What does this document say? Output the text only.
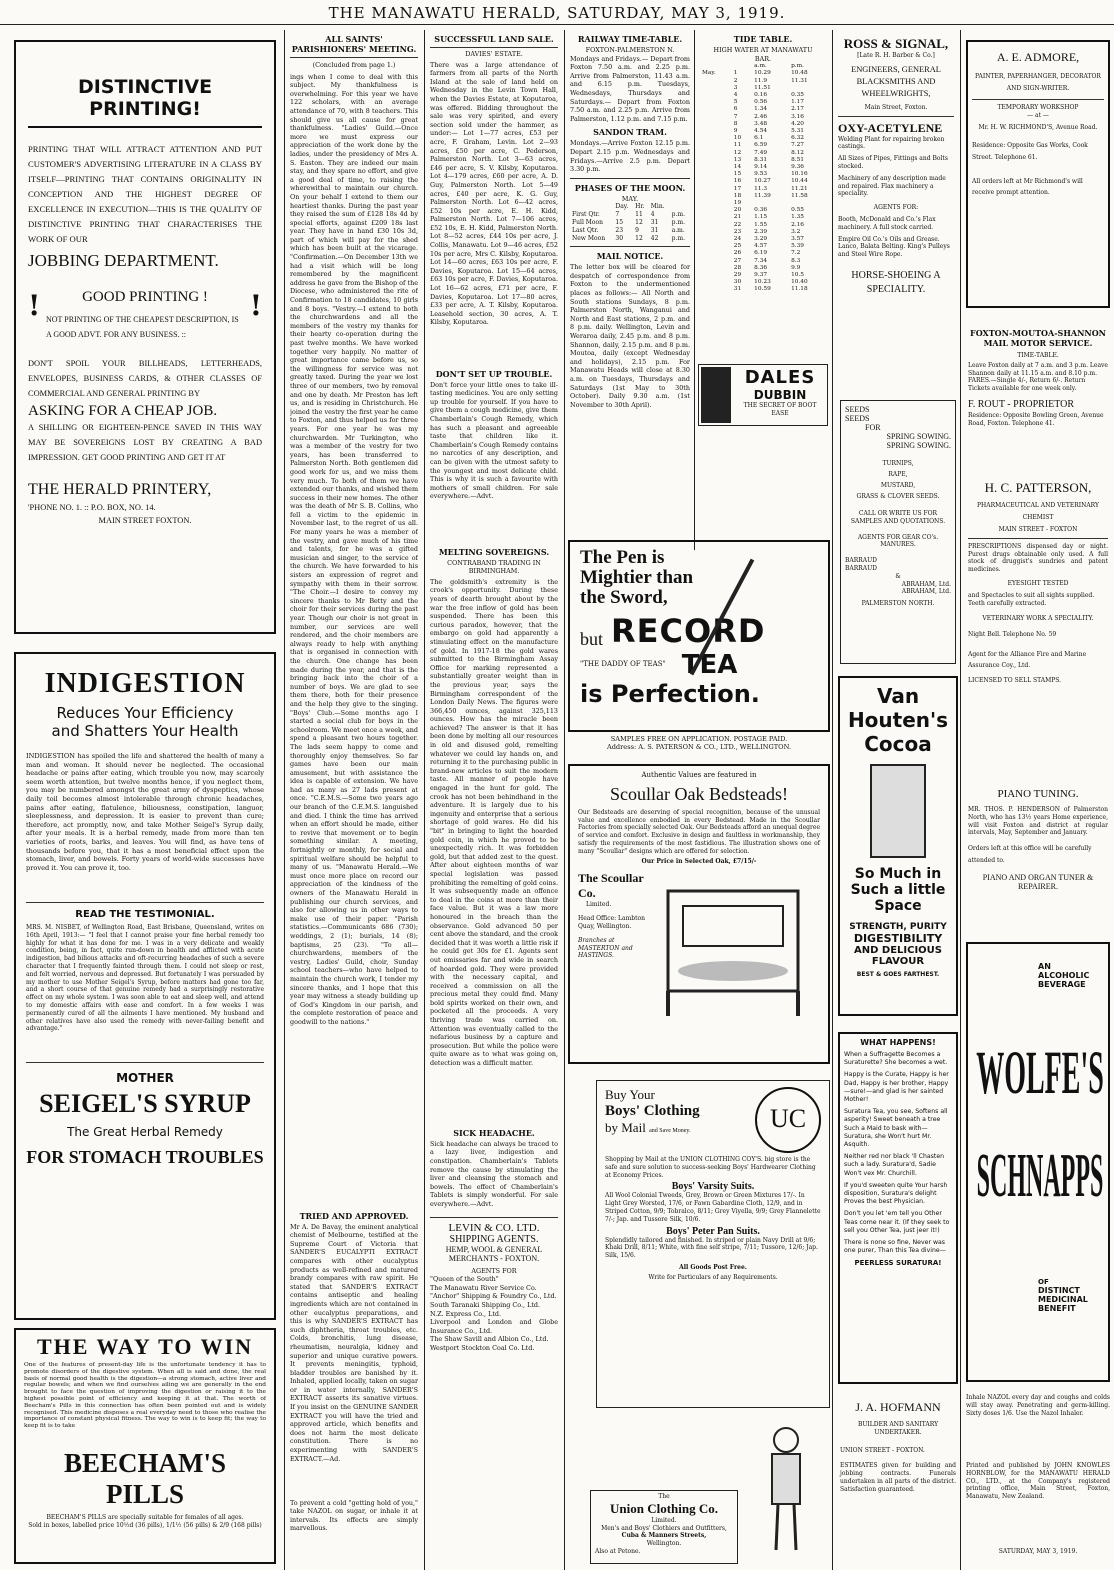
THE MANAWATU HERALD, SATURDAY, MAY 3, 1919.
DISTINCTIVE PRINTING!
PRINTING THAT WILL ATTRACT ATTENTION AND PUT CUSTOMER'S ADVERTISING LITERATURE IN A CLASS BY ITSELF—PRINTING THAT CONTAINS ORIGINALITY IN CONCEPTION AND THE HIGHEST DEGREE OF EXCELLENCE IN EXECUTION—THIS IS THE QUALITY OF DISTINCTIVE PRINTING THAT CHARACTERISES THE WORK OF OUR
JOBBING DEPARTMENT.
!	GOOD PRINTING !
NOT PRINTING OF THE CHEAPEST DESCRIPTION, IS A GOOD ADVT. FOR ANY BUSINESS. ::
!
DON'T SPOIL YOUR BILLHEADS, LETTERHEADS, ENVELOPES, BUSINESS CARDS, & OTHER CLASSES OF COMMERCIAL AND GENERAL PRINTING BY
ASKING FOR A CHEAP JOB.
A SHILLING OR EIGHTEEN-PENCE SAVED IN THIS WAY MAY BE SOVEREIGNS LOST BY CREATING A BAD IMPRESSION. GET GOOD PRINTING AND GET IT AT
THE HERALD PRINTERY,
'PHONE NO. 1. :: P.O. BOX, NO. 14.
MAIN STREET FOXTON.
INDIGESTION
Reduces Your Efficiency
and Shatters Your Health
INDIGESTION has spoiled the life and shattered the health of many a man and woman. It should never be neglected. The occasional headache or pains after eating, which trouble you now, may scarcely seem worth attention, but twelve months hence, if you neglect them, you may be numbered amongst the great army of dyspeptics, whose daily toil becomes almost intolerable through chronic headaches, pains after eating, flatulence, biliousness, constipation, languor, sleeplessness, and depression. It is easier to prevent than cure; therefore, act promptly, now, and take Mother Seigel's Syrup daily, after your meals. It is a herbal remedy, made from more than ten varieties of roots, barks, and leaves. You will find, as have tens of thousands before you, that it has a most beneficial effect upon the stomach, liver, and bowels. Forty years of world-wide successes have proved it. You can prove it, too.
READ THE TESTIMONIAL.
MRS. M. NISBET, of Wellington Road, East Brisbane, Queensland, writes on 16th April, 1913:— "I feel that I cannot praise your fine herbal remedy too highly for what it has done for me. I was in a very delicate and weakly condition, being, in fact, quite run-down in health and afflicted with acute indigestion, bad bilious attacks and oft-recurring headaches of such a severe character that I frequently fainted through them. I could not sleep or rest, and felt worried, nervous and depressed. But fortunately I was persuaded by my mother to use Mother Seigel's Syrup, before matters had gone too far, and a short course of that genuine remedy had a surprisingly restorative effect on my whole system. I was soon able to eat and sleep well, and attend to my domestic affairs with ease and comfort. In a few weeks I was permanently cured of all the ailments I have mentioned. My husband and other relatives have also used the remedy with never-failing benefit and advantage."
MOTHER
SEIGEL'S SYRUP
The Great Herbal Remedy
FOR STOMACH TROUBLES
THE WAY TO WIN
One of the features of present-day life is the unfortunate tendency it has to promote disorders of the digestive system. When all is said and done, the real basis of normal good health is the digestion—a strong stomach, active liver and regular bowels; and when we find ourselves ailing we are generally in the end brought to face the question of improving the digestion or raising it to the highest possible point of efficiency and keeping it at that. The worth of Beecham's Pills in this connection has often been pointed out and is widely recognised. This medicine disposes a real everyday need to those who realise the importance of constant physical fitness. The way to win is to keep fit; the way to keep fit is to take
BEECHAM'S
PILLS
BEECHAM'S PILLS are specially suitable for females of all ages.
Sold in boxes, labelled price 10½d (36 pills), 1/1½ (56 pills) & 2/9 (168 pills)
ALL SAINTS' PARISHIONERS' MEETING.
(Concluded from page 1.)
ings when I come to deal with this subject. My thankfulness is overwhelming. For this year we have 122 scholars, with an average attendance of 70, with 8 teachers. This should give us all cause for great thankfulness. "Ladies' Guild.—Once more we must express our appreciation of the work done by the ladies, under the presidency of Mrs A. S. Easton. They are indeed our main stay, and they spare no effort, and give a good deal of time, to raising the wherewithal to maintain our church. On your behalf I extend to them our heartiest thanks. During the past year they raised the sum of £128 18s 4d by special efforts, against £209 18s last year. They have in hand £30 10s 3d, part of which will pay for the shed which has been built at the vicarage. "Confirmation.—On December 13th we had a visit which will be long remembered by the magnificent address he gave from the Bishop of the Diocese, who administered the rite of Confirmation to 18 candidates, 10 girls and 8 boys. "Vestry.—I extend to both the churchwardens and all the members of the vestry my thanks for their hearty co-operation during the past twelve months. We have worked together very happily. No matter of great importance came before us, so the willingness for service was not greatly taxed. During the year we lost three of our members, two by removal and one by death. Mr Preston has left us, and is residing in Christchurch. He joined the vestry the first year he came to Foxton, and thus helped us for three years. For one year he was my churchwarden. Mr Turkington, who was a member of the vestry for two years, has been transferred to Palmerston North. Both gentlemen did good work for us, and we miss them very much. To both of them we have extended our thanks, and wished them success in their new homes. The other was the death of Mr S. B. Collins, who fell a victim to the epidemic in November last, to the regret of us all. For many years he was a member of the vestry, and gave much of his time and talents, for he was a gifted musician and singer, to the service of the church. We have forwarded to his sisters an expression of regret and sympathy with them in their sorrow. "The Choir.—I desire to convey my sincere thanks to Mr Betty and the choir for their services during the past year. Though our choir is not great in number, our services are well rendered, and the choir members are always ready to help with anything that is organised in connection with the church. One change has been made during the year, and that is the bringing back into the choir of a number of boys. We are glad to see them there, both for their presence and the help they give to the singing. "Boys' Club.—Some months ago I started a social club for boys in the schoolroom. We meet once a week, and spend a pleasant two hours together. The lads seem happy to come and thoroughly enjoy themselves. So far games have been our main amusement, but with assistance the idea is capable of extension. We have had as many as 27 lads present at once. "C.E.M.S.—Some two years ago our branch of the C.E.M.S. languished and died. I think the time has arrived when an effort should be made, either to revive that movement or to begin something similar. A meeting, fortnightly or monthly, for social and spiritual welfare should be helpful to many of us. "Manawatu Herald.—We must once more place on record our appreciation of the kindness of the owners of the Manawatu Herald in publishing our church services, and also for allowing us in other ways to make use of their paper. "Parish statistics.—Communicants 686 (730); weddings, 2 (1); burials, 14 (8); baptisms, 25 (23). "To all—churchwardens, members of the vestry, Ladies' Guild, choir, Sunday school teachers—who have helped to maintain the church work, I tender my sincere thanks, and I hope that this year may witness a steady building up of God's Kingdom in our parish, and the complete restoration of peace and goodwill to the nations."
TRIED AND APPROVED.
Mr A. De Bavay, the eminent analytical chemist of Melbourne, testified at the Supreme Court of Victoria that SANDER'S EUCALYPTI EXTRACT compares with other eucalyptus products as well-refined and matured brandy compares with raw spirit. He stated that SANDER'S EXTRACT contains antiseptic and healing ingredients which are not contained in other eucalyptus preparations, and this is why SANDER'S EXTRACT has such diphtheria, throat troubles, etc. Colds, bronchitis, lung disease, rheumatism, neuralgia, kidney and superior and unique curative powers. It prevents meningitis, typhoid, bladder troubles are banished by it. Inhaled, applied locally, taken on sugar or in water internally, SANDER'S EXTRACT asserts its sanative virtues. If you insist on the GENUINE SANDER EXTRACT you will have the tried and approved article, which benefits and does not harm the most delicate constitution. There is no experimenting with SANDER'S EXTRACT.—Ad.
To prevent a cold "getting hold of you," take NAZOL on sugar, or inhale it at intervals. Its effects are simply marvellous.
SUCCESSFUL LAND SALE.
DAVIES' ESTATE.
There was a large attendance of farmers from all parts of the North Island at the sale of land held on Wednesday in the Levin Town Hall, when the Davies Estate, at Koputaroa, was offered. Bidding throughout the sale was very spirited, and every section sold under the hammer, as under:— Lot 1—77 acres, £53 per acre, F. Graham, Levin. Lot 2—93 acres, £50 per acre, C. Pederson, Palmerston North. Lot 3—63 acres, £46 per acre, S. V. Kilsby, Koputaroa. Lot 4—179 acres, £60 per acre, A. D. Guy, Palmerston North. Lot 5—49 acres, £40 per acre, K. G. Guy, Palmerston North. Lot 6—42 acres, £52 10s per acre, E. H. Kidd, Palmerston North. Lot 7—106 acres, £52 10s, E. H. Kidd, Palmerston North. Lot 8—52 acres, £44 10s per acre, J. Collis, Manawatu. Lot 9—46 acres, £52 10s per acre, Mrs C. Kilsby, Koputaroa. Lot 14—60 acres, £63 10s per acre, F. Davies, Koputaroa. Lot 15—64 acres, £63 10s per acre, F. Davies, Koputaroa. Lot 16—62 acres, £71 per acre, F. Davies, Koputaroa. Lot 17—80 acres, £33 per acre, A. T. Kilsby, Koputaroa. Leasehold section, 30 acres, A. T. Kilsby, Koputaroa.
DON'T SET UP TROUBLE.
Don't force your little ones to take ill-tasting medicines. You are only setting up trouble for yourself. If you have to give them a cough medicine, give them Chamberlain's Cough Remedy, which has such a pleasant and agreeable taste that children like it. Chamberlain's Cough Remedy contains no narcotics of any description, and can be given with the utmost safety to the youngest and most delicate child. This is why it is such a favourite with mothers of small children. For sale everywhere.—Advt.
MELTING SOVEREIGNS.
CONTRABAND TRADING IN BIRMINGHAM.
The goldsmith's extremity is the crook's opportunity. During these years of dearth brought about by the war the free inflow of gold has been suspended. There has been this curious paradox, however, that the embargo on gold had apparently a stimulating effect on the manufacture of gold. In 1917-18 the gold wares submitted to the Birmingham Assay Office for marking represented a substantially greater weight than in the previous year, says the Birmingham correspondent of the London Daily News. The figures were 366,450 ounces, against 325,113 ounces. How has the miracle been achieved? The answer is that it has been done by melting all our resources in old and disused gold, remelting whatever we could lay hands on, and returning it to the purchasing public in brand-new articles to suit the modern taste. All manner of people have engaged in the hunt for gold. The crook has not been behindhand in the adventure. It is largely due to his ingenuity and enterprise that a serious shortage of gold wares. He did his "bit" in bringing to light the hoarded gold coin, in which he proved to be unexpectedly rich. It was forbidden gold, but that added zest to the quest. After about eighteen months of war special legislation was passed prohibiting the remelting of gold coins. It was subsequently made an offence to deal in the coins at more than their face value. But it was a law more honoured in the breach than the observance. Gold advanced 50 per cent above the standard, and the crook decided that it was worth a little risk if he could get 30s for £1. Agents sent out emissaries far and wide in search of hoarded gold. They were provided with the necessary capital, and received a commission on all the precious metal they could find. Many bold spirits worked on their own, and pocketed all the proceeds. A very thriving trade was carried on. Attention was eventually called to the nefarious business by a capture and prosecution. But while the police were quite aware as to what was going on, detection was a difficult matter.
SICK HEADACHE.
Sick headache can always be traced to a lazy liver, indigestion and constipation. Chamberlain's Tablets remove the cause by stimulating the liver and cleansing the stomach and bowels. The effect of Chamberlain's Tablets is simply wonderful. For sale everywhere.—Advt.
LEVIN & CO. LTD.
SHIPPING AGENTS.
HEMP, WOOL & GENERAL MERCHANTS - FOXTON.
AGENTS FOR
"Queen of the South"
The Manawatu River Service Co.
"Anchor" Shipping & Foundry Co., Ltd.
South Taranaki Shipping Co., Ltd.
N.Z. Express Co., Ltd.
Liverpool and London and Globe Insurance Co., Ltd.
The Shaw Savill and Albion Co., Ltd.
Westport Stockton Coal Co. Ltd.
RAILWAY TIME-TABLE.
FOXTON-PALMERSTON N.
Mondays and Fridays.— Depart from Foxton 7.50 a.m. and 2.25 p.m. Arrive from Palmerston, 11.43 a.m. and 6.15 p.m. Tuesdays, Wednesdays, Thursdays and Saturdays.— Depart from Foxton 7.50 a.m. and 2.25 p.m. Arrive from Palmerston, 1.12 p.m. and 7.15 p.m.
SANDON TRAM.
Mondays.—Arrive Foxton 12.15 p.m. Depart 2.15 p.m. Wednesdays and Fridays.—Arrive 2.5 p.m. Depart 3.30 p.m.
PHASES OF THE MOON.
MAY.
	Day.	Hr.	Min.	
First Qtr.	7	11	4	p.m.
Full Moon	15	12	31	p.m.
Last Qtr.	23	9	31	a.m.
New Moon	30	12	42	p.m.
MAIL NOTICE.
The letter box will be cleared for despatch of correspondence from Foxton to the undermentioned places as follows:— All North and South stations Sundays, 8 p.m. Palmerston North, Wanganui and North and East stations, 2 p.m. and 8 p.m. daily. Wellington, Levin and Weraroa daily, 2.45 p.m. and 8 p.m. Shannon, daily, 2.15 p.m. and 8 p.m. Moutoa, daily (except Wednesday and holidays), 2.15 p.m. For Manawatu Heads will close at 8.30 a.m. on Tuesdays, Thursdays and Saturdays (1st May to 30th October). Daily 9.30 a.m. (1st November to 30th April).
TIDE TABLE.
HIGH WATER AT MANAWATU
BAR.
		a.m.	p.m.
May.	1	10.29	10.48
	2	11.9	11.31
	3	11.51	
	4	0.16	0.35
	5	0.56	1.17
	6	1.34	2.17
	7	2.46	3.16
	8	3.48	4.20
	9	4.54	5.31
	10	6.1	6.32
	11	6.59	7.27
	12	7.49	8.12
	13	8.31	8.51
	14	9.14	9.36
	15	9.53	10.16
	16	10.27	10.44
	17	11.3	11.21
	18	11.39	11.58
	19		
	20	0.36	0.55
	21	1.15	1.35
	22	1.55	2.16
	23	2.39	3.2
	24	3.29	3.57
	25	4.57	5.39
	26	6.19	7.2
	27	7.34	8.3
	28	8.36	9.9
	29	9.37	10.5
	30	10.23	10.40
	31	10.59	11.18
DALES
DUBBIN
THE SECRET OF BOOT EASE
The Pen is
Mightier than
the Sword,
but RECORD
"THE DADDY OF TEAS" TEA
is Perfection.
SAMPLES FREE ON APPLICATION. POSTAGE PAID.
Address: A. S. PATERSON & CO., LTD., WELLINGTON.
Authentic Values are featured in
Scoullar Oak Bedsteads!
Our Bedsteads are deserving of special recognition, because of the unusual value and excellence embodied in every Bedstead. Made in the Scoullar Factories from specially selected Oak. Our Bedsteads afford an unequal degree of service and comfort. Exclusive in design and faultless in workmanship, they satisfy the requirements of the most fastidious. The illustration shows one of many "Scoullar" designs which are offered for selection.
Our Price in Selected Oak, £7/15/-
The Scoullar Co.
Limited.
Head Office: Lambton Quay, Wellington.
Branches at MASTERTON and HASTINGS.
Buy Your
Boys' Clothing
by Mail and Save Money.	UC
Shopping by Mail at the UNION CLOTHING COY'S. big store is the safe and sure solution to success-seeking Boys' Hardwearer Clothing at Economy Prices.
Boys' Varsity Suits.
All Wool Colonial Tweeds, Grey, Brown or Green Mixtures 17/-. In Light Grey Worsted, 17/6, or Fawn Gabardine Cloth, 12/9, and in Striped Cotton, 9/9; Tobralco, 8/11; Grey Viyella, 9/9; Grey Flannelette 7/-; Jap. and Tussore Silk, 10/6.
Boys' Peter Pan Suits.
Splendidly tailored and finished. In striped or plain Navy Drill at 9/6; Khaki Drill, 8/11; White, with fine self stripe, 7/11; Tussore, 12/6; Jap. Silk, 15/6.
All Goods Post Free.
Write for Particulars of any Requirements.
The
Union Clothing Co.
Limited.
Men's and Boys' Clothiers and Outfitters,
Cuba & Manners Streets,
Wellington.
Also at Petone.
ROSS & SIGNAL,
[Late R. H. Barber & Co.]
ENGINEERS, GENERAL BLACKSMITHS AND WHEELWRIGHTS,
Main Street, Foxton.
OXY-ACETYLENE
Welding Plant for repairing broken castings.
All Sizes of Pipes, Fittings and Bolts stocked.
Machinery of any description made and repaired. Flax machinery a speciality.
AGENTS FOR:
Booth, McDonald and Co.'s Flax machinery. A full stock carried.
Empire Oil Co.'s Oils and Grease. Lanco, Balata Belting. King's Pulleys and Steel Wire Rope.
HORSE-SHOEING A SPECIALITY.
SEEDS
SEEDS
FOR
SPRING SOWING.
SPRING SOWING.
TURNIPS,
RAPE,
MUSTARD,
GRASS & CLOVER SEEDS.
CALL OR WRITE US FOR SAMPLES AND QUOTATIONS.
AGENTS FOR GEAR CO's. MANURES.
BARRAUD
BARRAUD
&
ABRAHAM, Ltd.
ABRAHAM, Ltd.
PALMERSTON NORTH.
Van
Houten's
Cocoa
So Much in
Such a little
Space
STRENGTH, PURITY
DIGESTIBILITY
AND DELICIOUS
FLAVOUR
BEST & GOES FARTHEST.
WHAT HAPPENS!
When a Suffragette Becomes a Suraturette? She becomes a wet.
Happy is the Curate, Happy is her Dad, Happy is her brother, Happy—sure!—and glad is her sainted Mother!
Suratura Tea, you see, Softens all asperity! Sweet beneath a tree Such a Maid to bask with— Suratura, she Won't hurt Mr. Asquith.
Neither red nor black 'll Chasten such a lady. Suratura'd, Sadie Won't vex Mr. Churchill.
If you'd sweeten quite Your harsh disposition, Suratura's delight Proves the best Physician.
Don't you let 'em tell you Other Teas come near it. (If they seek to sell you Other Tea, just jeer it!)
There is none so fine, Never was one purer, Than this Tea divine—
PEERLESS SURATURA!
J. A. HOFMANN
BUILDER AND SANITARY UNDERTAKER.
UNION STREET - FOXTON.
ESTIMATES given for building and jobbing contracts. Funerals undertaken in all parts of the district. Satisfaction guaranteed.
A. E. ADMORE,
PAINTER, PAPERHANGER, DECORATOR AND SIGN-WRITER.
TEMPORARY WORKSHOP
— at —
Mr. H. W. RICHMOND'S, Avenue Road.
Residence: Opposite Gas Works, Cook Street. Telephone 61.
All orders left at Mr Richmond's will receive prompt attention.
FOXTON-MOUTOA-SHANNON MAIL MOTOR SERVICE.
TIME-TABLE.
Leave Foxton daily at 7 a.m. and 3 p.m. Leave Shannon daily at 11.15 a.m. and 8.10 p.m. FARES.—Single 4/-, Return 6/-. Return Tickets available for one week only.
F. ROUT - PROPRIETOR
Residence: Opposite Bowling Green, Avenue Road, Foxton. Telephone 41.
H. C. PATTERSON,
PHARMACEUTICAL AND VETERINARY CHEMIST
MAIN STREET - FOXTON
PRESCRIPTIONS dispensed day or night. Purest drugs obtainable only used. A full stock of druggist's sundries and patent medicines.
EYESIGHT TESTED
and Spectacles to suit all sights supplied. Teeth carefully extracted.
VETERINARY WORK A SPECIALITY.
Night Bell. Telephone No. 59
Agent for the Alliance Fire and Marine Assurance Coy., Ltd.
LICENSED TO SELL STAMPS.
PIANO TUNING.
MR. THOS. P. HENDERSON of Palmerston North, who has 13½ years Home experience, will visit Foxton and district at regular intervals, May, September and January.
Orders left at this office will be carefully attended to.
PIANO AND ORGAN TUNER & REPAIRER.
AN
ALCOHOLIC
BEVERAGE
WOLFE'S
SCHNAPPS
OF
DISTINCT
MEDICINAL
BENEFIT
Inhale NAZOL every day and coughs and colds will stay away. Penetrating and germ-killing. Sixty doses 1/6. Use the Nazol Inhaler.
Printed and published by JOHN KNOWLES HORNBLOW, for the MANAWATU HERALD CO., LTD., at the Company's registered printing office, Main Street, Foxton, Manawatu, New Zealand.
SATURDAY, MAY 3, 1919.
